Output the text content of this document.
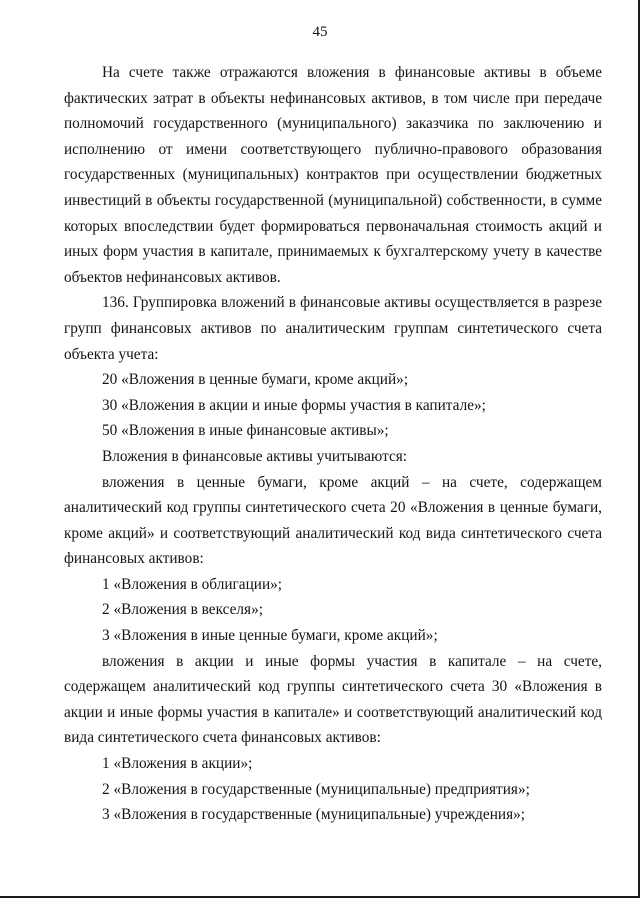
45

На счете также отражаются вложения в финансовые активы в объеме фактических затрат в объекты нефинансовых активов, в том числе при передаче полномочий государственного (муниципального) заказчика по заключению и исполнению от имени соответствующего публично-правового образования государственных (муниципальных) контрактов при осуществлении бюджетных инвестиций в объекты государственной (муниципальной) собственности, в сумме которых впоследствии будет формироваться первоначальная стоимость акций и иных форм участия в капитале, принимаемых к бухгалтерскому учету в качестве объектов нефинансовых активов.

136. Группировка вложений в финансовые активы осуществляется в разрезе групп финансовых активов по аналитическим группам синтетического счета объекта учета:

20 «Вложения в ценные бумаги, кроме акций»;

30 «Вложения в акции и иные формы участия в капитале»;

50 «Вложения в иные финансовые активы»;

Вложения в финансовые активы учитываются:

вложения в ценные бумаги, кроме акций – на счете, содержащем аналитический код группы синтетического счета 20 «Вложения в ценные бумаги, кроме акций» и соответствующий аналитический код вида синтетического счета финансовых активов:

1 «Вложения в облигации»;

2 «Вложения в векселя»;

3 «Вложения в иные ценные бумаги, кроме акций»;

вложения в акции и иные формы участия в капитале – на счете, содержащем аналитический код группы синтетического счета 30 «Вложения в акции и иные формы участия в капитале» и соответствующий аналитический код вида синтетического счета финансовых активов:

1 «Вложения в акции»;

2 «Вложения в государственные (муниципальные) предприятия»;

3 «Вложения в государственные (муниципальные) учреждения»;
